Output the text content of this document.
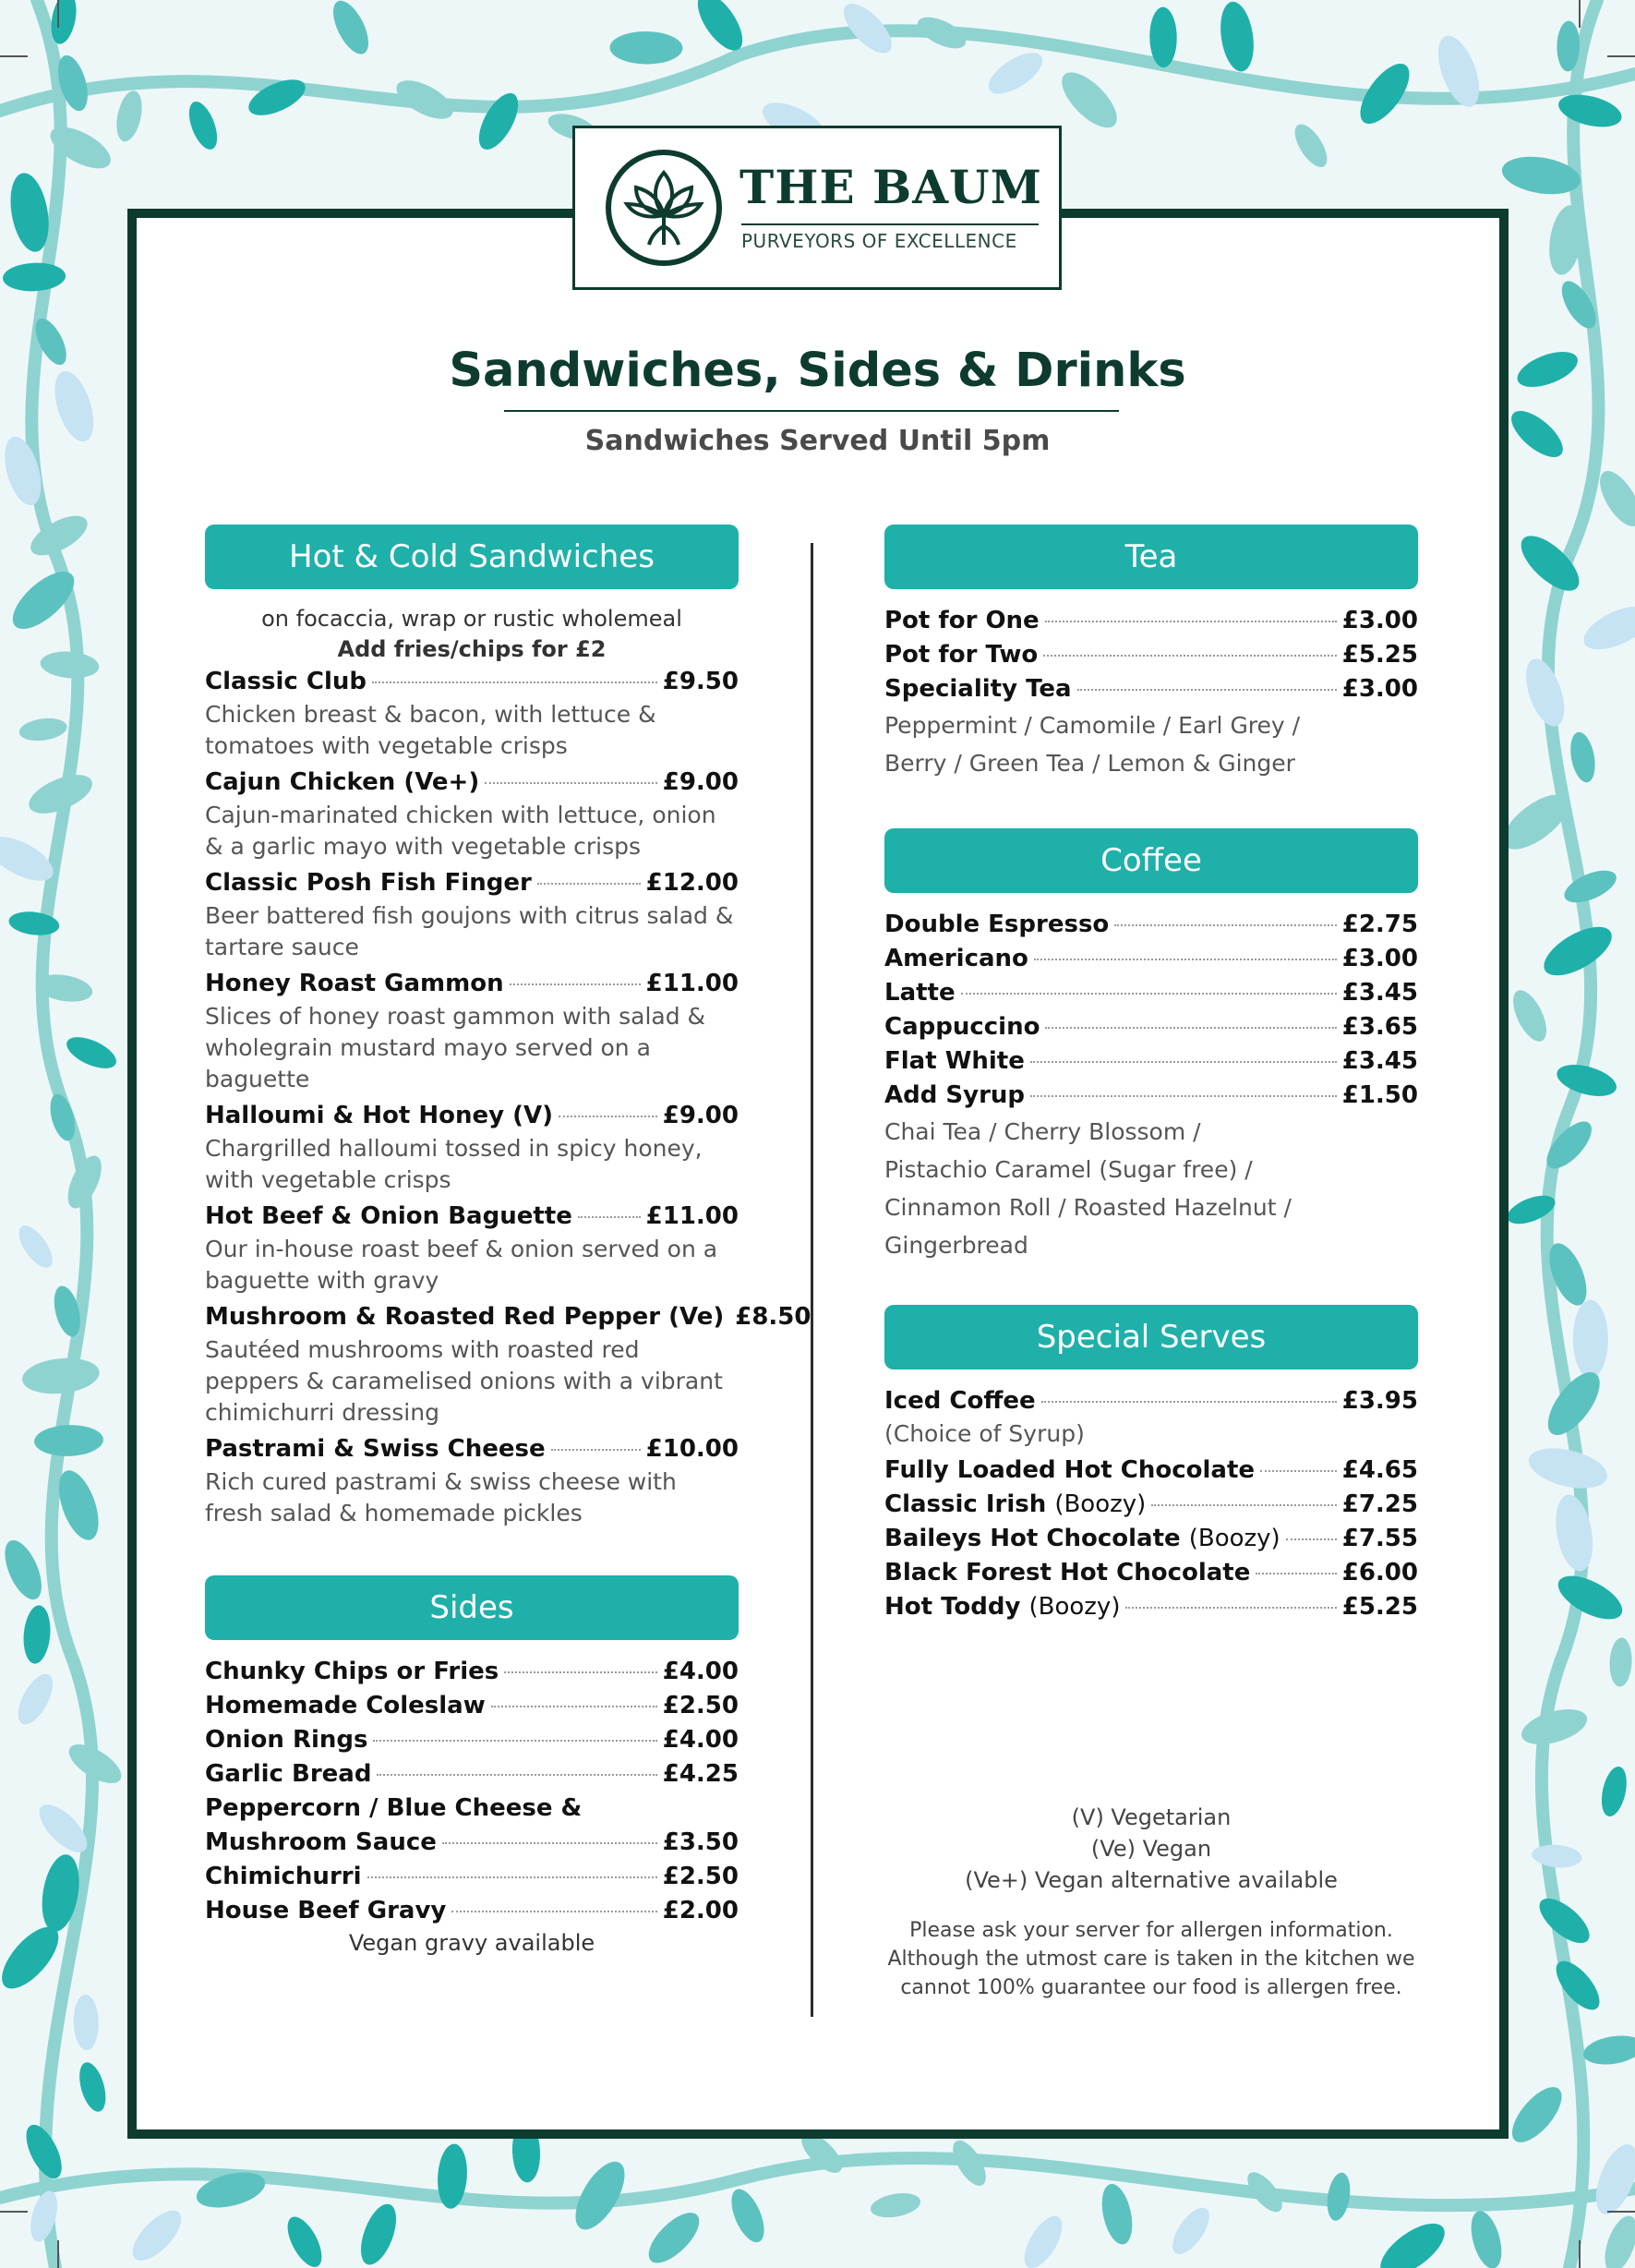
THE BAUM
PURVEYORS OF EXCELLENCE
Sandwiches, Sides & Drinks
Sandwiches Served Until 5pm
Hot & Cold Sandwiches
on focaccia, wrap or rustic wholemeal
Add fries/chips for £2
Classic Club	£9.50
Chicken breast & bacon, with lettuce & tomatoes with vegetable crisps
Cajun Chicken (Ve+)	£9.00
Cajun-marinated chicken with lettuce, onion & a garlic mayo with vegetable crisps
Classic Posh Fish Finger	£12.00
Beer battered fish goujons with citrus salad & tartare sauce
Honey Roast Gammon	£11.00
Slices of honey roast gammon with salad & wholegrain mustard mayo served on a baguette
Halloumi & Hot Honey (V)	£9.00
Chargrilled halloumi tossed in spicy honey, with vegetable crisps
Hot Beef & Onion Baguette	£11.00
Our in-house roast beef & onion served on a baguette with gravy
Mushroom & Roasted Red Pepper (Ve) £8.50
Sautéed mushrooms with roasted red peppers & caramelised onions with a vibrant chimichurri dressing
Pastrami & Swiss Cheese	£10.00
Rich cured pastrami & swiss cheese with fresh salad & homemade pickles
Sides
Chunky Chips or Fries	£4.00
Homemade Coleslaw	£2.50
Onion Rings	£4.00
Garlic Bread	£4.25
Peppercorn / Blue Cheese &
Mushroom Sauce	£3.50
Chimichurri	£2.50
House Beef Gravy	£2.00
Vegan gravy available
Tea
Pot for One	£3.00
Pot for Two	£5.25
Speciality Tea	£3.00
Peppermint / Camomile / Earl Grey /
Berry / Green Tea / Lemon & Ginger
Coffee
Double Espresso	£2.75
Americano	£3.00
Latte	£3.45
Cappuccino	£3.65
Flat White	£3.45
Add Syrup	£1.50
Chai Tea / Cherry Blossom /
Pistachio Caramel (Sugar free) /
Cinnamon Roll / Roasted Hazelnut /
Gingerbread
Special Serves
Iced Coffee	£3.95
(Choice of Syrup)
Fully Loaded Hot Chocolate	£4.65
Classic Irish (Boozy)	£7.25
Baileys Hot Chocolate (Boozy)	£7.55
Black Forest Hot Chocolate	£6.00
Hot Toddy (Boozy)	£5.25
(V) Vegetarian
(Ve) Vegan
(Ve+) Vegan alternative available
Please ask your server for allergen information.
Although the utmost care is taken in the kitchen we
cannot 100% guarantee our food is allergen free.
